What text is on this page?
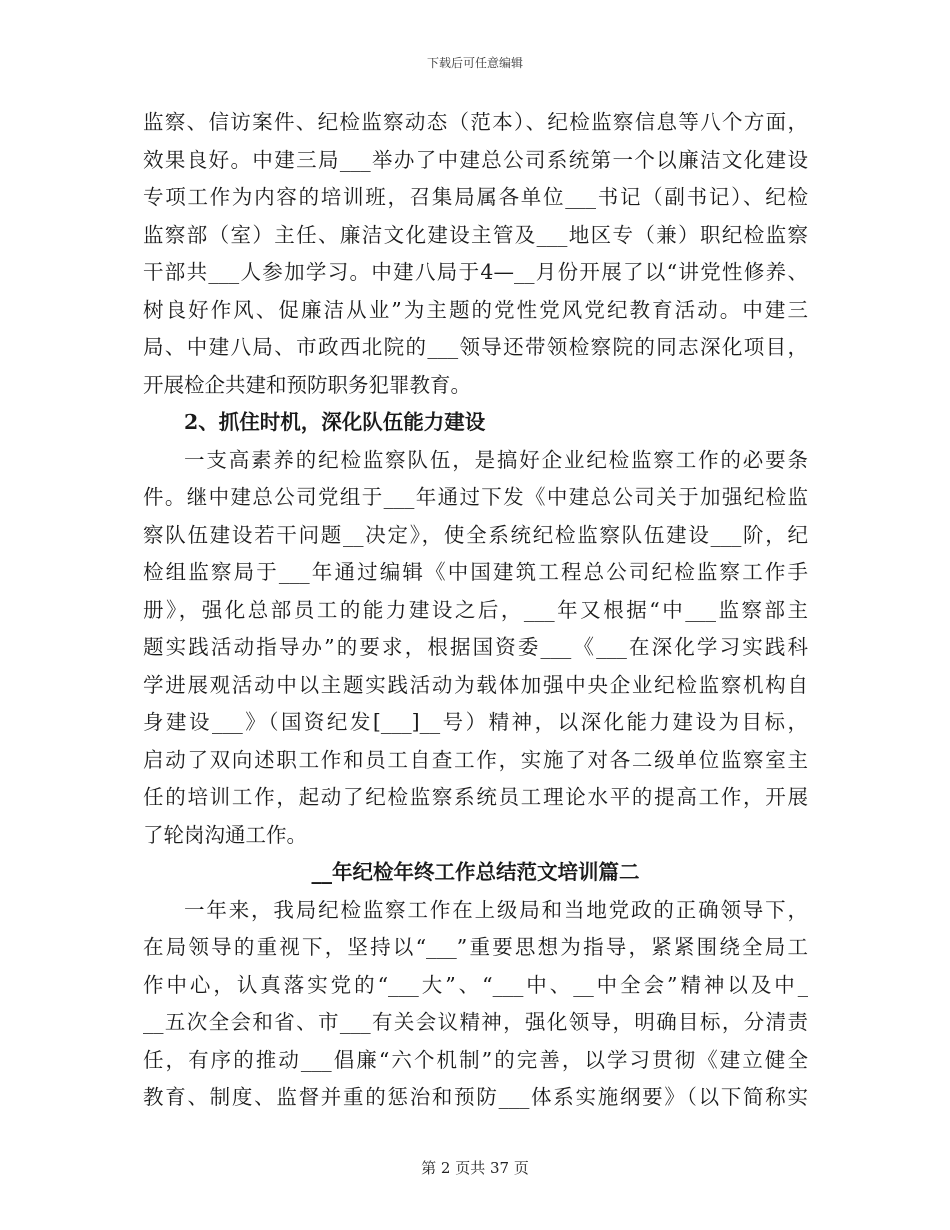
下载后可任意编辑
监察、信访案件、纪检监察动态（范本）、纪检监察信息等八个方面，
效果良好。中建三局___举办了中建总公司系统第一个以廉洁文化建设
专项工作为内容的培训班，召集局属各单位___书记（副书记）、纪检
监察部（室）主任、廉洁文化建设主管及___地区专（兼）职纪检监察
干部共___人参加学习。中建八局于4—__月份开展了以“讲党性修养、
树良好作风、促廉洁从业”为主题的党性党风党纪教育活动。中建三
局、中建八局、市政西北院的___领导还带领检察院的同志深化项目，
开展检企共建和预防职务犯罪教育。
2、抓住时机，深化队伍能力建设
一支高素养的纪检监察队伍，是搞好企业纪检监察工作的必要条
件。继中建总公司党组于___年通过下发《中建总公司关于加强纪检监
察队伍建设若干问题__决定》，使全系统纪检监察队伍建设___阶，纪
检组监察局于___年通过编辑《中国建筑工程总公司纪检监察工作手
册》，强化总部员工的能力建设之后，___年又根据“中___监察部主
题实践活动指导办”的要求，根据国资委___《___在深化学习实践科
学进展观活动中以主题实践活动为载体加强中央企业纪检监察机构自
身建设___》（国资纪发[___]__号）精神，以深化能力建设为目标，
启动了双向述职工作和员工自查工作，实施了对各二级单位监察室主
任的培训工作，起动了纪检监察系统员工理论水平的提高工作，开展
了轮岗沟通工作。
__年纪检年终工作总结范文培训篇二
一年来，我局纪检监察工作在上级局和当地党政的正确领导下，
在局领导的重视下，坚持以“___”重要思想为指导，紧紧围绕全局工
作中心，认真落实党的“___大”、“___中、__中全会”精神以及中_
__五次全会和省、市___有关会议精神，强化领导，明确目标，分清责
任，有序的推动___倡廉“六个机制”的完善，以学习贯彻《建立健全
教育、制度、监督并重的惩治和预防___体系实施纲要》（以下简称实
第 2 页共 37 页
